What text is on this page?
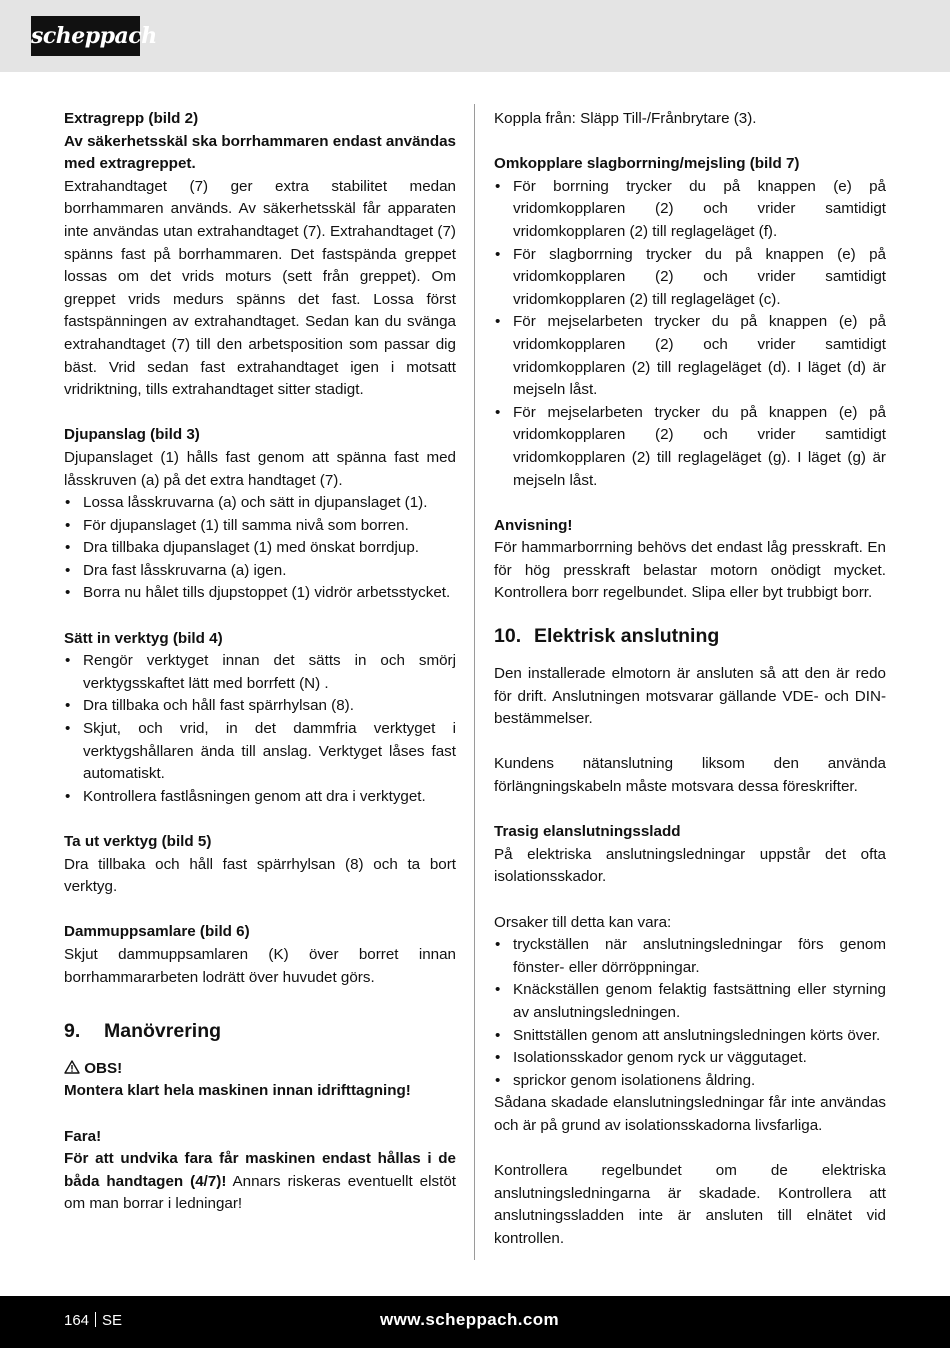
scheppach

Extragrepp (bild 2)

Av säkerhetsskäl ska borrhammaren endast användas med extragreppet.

Extrahandtaget (7) ger extra stabilitet medan borrhammaren används. Av säkerhetsskäl får apparaten inte användas utan extrahandtaget (7). Extrahandtaget (7) spänns fast på borrhammaren. Det fastspända greppet lossas om det vrids moturs (sett från greppet). Om greppet vrids medurs spänns det fast. Lossa först fastspänningen av extrahandtaget. Sedan kan du svänga extrahandtaget (7) till den arbetsposition som passar dig bäst. Vrid sedan fast extrahandtaget igen i motsatt vridriktning, tills extrahandtaget sitter stadigt.

Djupanslag (bild 3)

Djupanslaget (1) hålls fast genom att spänna fast med låsskruven (a) på det extra handtaget (7).

• Lossa låsskruvarna (a) och sätt in djupanslaget (1).
• För djupanslaget (1) till samma nivå som borren.
• Dra tillbaka djupanslaget (1) med önskat borrdjup.
• Dra fast låsskruvarna (a) igen.
• Borra nu hålet tills djupstoppet (1) vidrör arbetsstycket.

Sätt in verktyg (bild 4)

• Rengör verktyget innan det sätts in och smörj verktygsskaftet lätt med borrfett (N) .
• Dra tillbaka och håll fast spärrhylsan (8).
• Skjut, och vrid, in det dammfria verktyget i verktygshållaren ända till anslag. Verktyget låses fast automatiskt.
• Kontrollera fastlåsningen genom att dra i verktyget.

Ta ut verktyg (bild 5)

Dra tillbaka och håll fast spärrhylsan (8) och ta bort verktyg.

Dammuppsamlare (bild 6)

Skjut dammuppsamlaren (K) över borret innan borrhammararbeten lodrätt över huvudet görs.

9. Manövrering

OBS!

Montera klart hela maskinen innan idrifttagning!

Fara!

För att undvika fara får maskinen endast hållas i de båda handtagen (4/7)! Annars riskeras eventuellt elstöt om man borrar i ledningar!

Koppla från: Släpp Till-/Frånbrytare (3).

Omkopplare slagborrning/mejsling (bild 7)

• För borrning trycker du på knappen (e) på vridomkopplaren (2) och vrider samtidigt vridomkopplaren (2) till reglageläget (f).
• För slagborrning trycker du på knappen (e) på vridomkopplaren (2) och vrider samtidigt vridomkopplaren (2) till reglageläget (c).
• För mejselarbeten trycker du på knappen (e) på vridomkopplaren (2) och vrider samtidigt vridomkopplaren (2) till reglageläget (d). I läget (d) är mejseln låst.
• För mejselarbeten trycker du på knappen (e) på vridomkopplaren (2) och vrider samtidigt vridomkopplaren (2) till reglageläget (g). I läget (g) är mejseln låst.

Anvisning!

För hammarborrning behövs det endast låg presskraft. En för hög presskraft belastar motorn onödigt mycket. Kontrollera borr regelbundet. Slipa eller byt trubbigt borr.

10. Elektrisk anslutning

Den installerade elmotorn är ansluten så att den är redo för drift. Anslutningen motsvarar gällande VDE- och DIN-bestämmelser.

Kundens nätanslutning liksom den använda förlängningskabeln måste motsvara dessa föreskrifter.

Trasig elanslutningssladd

På elektriska anslutningsledningar uppstår det ofta isolationsskador.

Orsaker till detta kan vara:

• tryckställen när anslutningsledningar förs genom fönster- eller dörröppningar.
• Knäckställen genom felaktig fastsättning eller styrning av anslutningsledningen.
• Snittställen genom att anslutningsledningen körts över.
• Isolationsskador genom ryck ur väggutaget.
• sprickor genom isolationens åldring.

Sådana skadade elanslutningsledningar får inte användas och är på grund av isolationsskadorna livsfarliga.

Kontrollera regelbundet om de elektriska anslutningsledningarna är skadade. Kontrollera att anslutningssladden inte är ansluten till elnätet vid kontrollen.

164 SE	www.scheppach.com
